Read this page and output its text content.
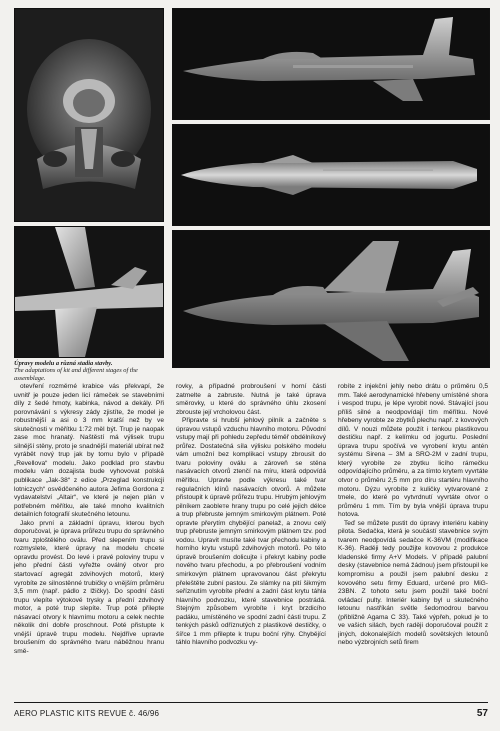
Úpravy modelu a různá stadia stavby.
The adaptations of kit and different stages of the assemblage.

otevření rozměrné krabice vás překvapí, že uvnitř je pouze jeden licí rámeček se stavebními díly z šedé hmoty, kabinka, návod a dekály. Při porovnávání s výkresy zády zjistíte, že model je robustnější a asi o 3 mm kratší než by ve skutečnosti v měřítku 1:72 měl být. Trup je naopak zase moc hranatý. Naštěstí má výlisek trupu silnější stěny, proto je snadnější materiál ubírat než vyrábět nový trup jak by tomu bylo v případě „Revellova“ modelu. Jako podklad pro stavbu modelu vám dozajista bude vyhovovat polská publikace „Jak-38“ z edice „Przeglad konstrukcji lotniczych“ osvědčeného autora Jefima Gordona z vydavatelství „Altair“, ve které je nejen plán v potřebném měřítku, ale také mnoho kvalitních detailních fotografií skutečného letounu.

Jako první a základní úpravu, kterou bych doporučoval, je úprava průřezu trupu do správného tvaru zploštělého oválu. Před slepením trupu si rozmyslete, které úpravy na modelu chcete opravdu provést. Do levé i pravé poloviny trupu v jeho přední části vyřežte oválný otvor pro startovací agregát zdvihových motorů, který vyrobíte ze silnostěnné trubičky o vnějším průměru 3,5 mm (např. pádlo z lžičky). Do spodní části trupu vlepíte výtokové trysky a přední zdvihový motor, a poté trup slepíte. Trup poté přilepte násavací otvory k hlavnímu motoru a celek nechte několik dní dobře proschnout. Poté přistupte k vnější úpravě trupu modelu. Nejdříve upravte broušením do správného tvaru náběžnou hranu smě-

rovky, a případné probroušení v horní části zatmelte a zabruste. Nutná je také úprava směrovky, u které do správného úhlu zkosení zbrouste její vrcholovou část.

Připravte si hrubší jehlový pilník a začněte s úpravou vstupů vzduchu hlavního motoru. Původní vstupy mají při pohledu zepředu téměř obdélníkový průřez. Dostatečná síla výlisku polského modelu vám umožní bez komplikací vstupy zbrousit do tvaru poloviny oválu a zároveň se stěna nasávacích otvorů ztenčí na míru, která odpovídá měřítku. Upravte podle výkresu také tvar regulačních klínů nasávacích otvorů. A můžete přistoupit k úpravě průřezu trupu. Hrubým jehlovým pilníkem zaobleте hrany trupu po celé jejich délce a trup přebruste jemným smirkovým plátnem. Poté opravte přerytím chybějící panelaž, a znovu celý trup přebruste jemným smirkovým plátnem tzv. pod vodou. Upravit musíte také tvar přechodu kabiny a horního krytu vstupů zdvihových motorů. Po této úpravě broušením dolicujte i překryt kabiny podle nového tvaru přechodu, a po přebroušení vodním smirkovým plátnem upravovanou část překrytu přeleštěte zubní pastou. Ze slámky na pití šikmým seříznutím vyrobíte přední a zadní část krytu táhla hlavního podvozku, které stavebnice postrádá. Stejným způsobem vyrobíte i kryt brzdicího padáku, umístěného ve spodní zadní části trupu. Z tenkých pásků odříznutých z plastikové destičky, o šířce 1 mm přilepte k trupu boční rýhy. Chybějící táhlo hlavního podvozku vy-

robíte z injekční jehly nebo drátu o průměru 0,5 mm. Také aerodynamické hřebeny umístěné shora i vespod trupu, je lépe vyrobit nové. Stávající jsou příliš silné a neodpovídají tím měřítku. Nové hřebeny vyrobte ze zbytků plechu např. z kovových dílů. V nouzi můžete použít i tenkou plastikovou destičku např. z kelímku od jogurtu. Poslední úprava trupu spočívá ve vyrobení krytu antén systému Sirena – 3M a SRO-2M v zadní trupu, který vyrobíte ze zbytku licího rámečku odpovídajícího průměru, a za tímto krytem vyvrtáte otvor o průměru 2,5 mm pro díru startéru hlavního motoru. Dýzu vyrobíte z kuličky vytvarované z tmele, do které po vytvrdnutí vyvrtáte otvor o průměru 1 mm. Tím by byla vnější úprava trupu hotova.

Teď se můžete pustit do úpravy interiéru kabiny pilota. Sedačka, která je součástí stavebnice svým tvarem neodpovídá sedačce K-36VM (modifikace K-36). Raději tedy použijte kovovou z produkce kladenské firmy A+V Models. V případě palubní desky (stavebnice nemá žádnou) jsem přistoupil ke kompromisu a použil jsem palubní desku z kovového setu firmy Eduard, určené pro MiG-23BN. Z tohoto setu jsem použil také boční ovládací pulty. Interiér kabiny byl u skutečného letounu nastříkán světle šedomodrou barvou (přibližně Agama C 33). Také výpřeh, pokud je to ve vašich silách, bych raději doporučoval použít z jiných, dokonalejších modelů sovětských letounů nebo výzbrojních setů firem

AERO PLASTIC KITS REVUE č. 46/96	57
